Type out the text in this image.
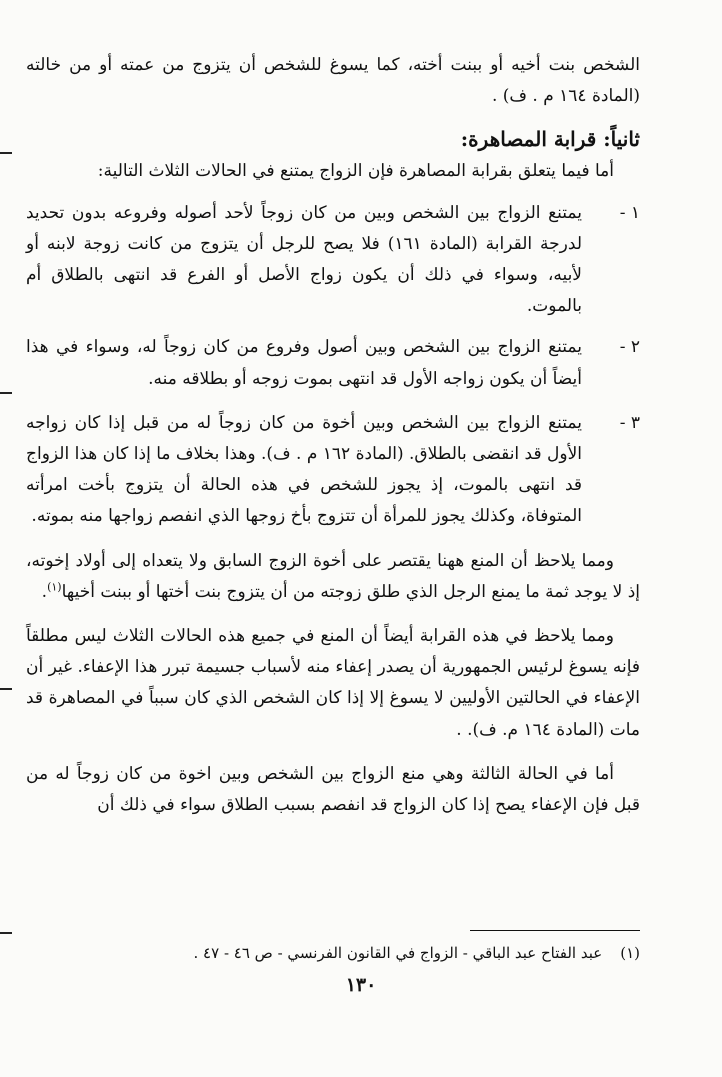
الشخص بنت أخيه أو ببنت أخته، كما يسوغ للشخص أن يتزوج من عمته أو من خالته (المادة ١٦٤ م . ف) .

ثانياً: قرابة المصاهرة:

أما فيما يتعلق بقرابة المصاهرة فإن الزواج يمتنع في الحالات الثلاث التالية:

١ -
يمتنع الزواج بين الشخص وبين من كان زوجاً لأحد أصوله وفروعه بدون تحديد لدرجة القرابة (المادة ١٦١) فلا يصح للرجل أن يتزوج من كانت زوجة لابنه أو لأبيه، وسواء في ذلك أن يكون زواج الأصل أو الفرع قد انتهى بالطلاق أم بالموت.
٢ -
يمتنع الزواج بين الشخص وبين أصول وفروع من كان زوجاً له، وسواء في هذا أيضاً أن يكون زواجه الأول قد انتهى بموت زوجه أو بطلاقه منه.
٣ -
يمتنع الزواج بين الشخص وبين أخوة من كان زوجاً له من قبل إذا كان زواجه الأول قد انقضى بالطلاق. (المادة ١٦٢ م . ف). وهذا بخلاف ما إذا كان هذا الزواج قد انتهى بالموت، إذ يجوز للشخص في هذه الحالة أن يتزوج بأخت امرأته المتوفاة، وكذلك يجوز للمرأة أن تتزوج بأخ زوجها الذي انفصم زواجها منه بموته.

ومما يلاحظ أن المنع ههنا يقتصر على أخوة الزوج السابق ولا يتعداه إلى أولاد إخوته، إذ لا يوجد ثمة ما يمنع الرجل الذي طلق زوجته من أن يتزوج بنت أختها أو ببنت أخيها$^{(١)}$.

ومما يلاحظ في هذه القرابة أيضاً أن المنع في جميع هذه الحالات الثلاث ليس مطلقاً فإنه يسوغ لرئيس الجمهورية أن يصدر إعفاء منه لأسباب جسيمة تبرر هذا الإعفاء. غير أن الإعفاء في الحالتين الأوليين لا يسوغ إلا إذا كان الشخص الذي كان سبباً في المصاهرة قد مات (المادة ١٦٤ م. ف). .

أما في الحالة الثالثة وهي منع الزواج بين الشخص وبين اخوة من كان زوجاً له من قبل فإن الإعفاء يصح إذا كان الزواج قد انفصم بسبب الطلاق سواء في ذلك أن

(١)عبد الفتاح عبد الباقي - الزواج في القانون الفرنسي - ص ٤٦ - ٤٧ .
١٣٠
